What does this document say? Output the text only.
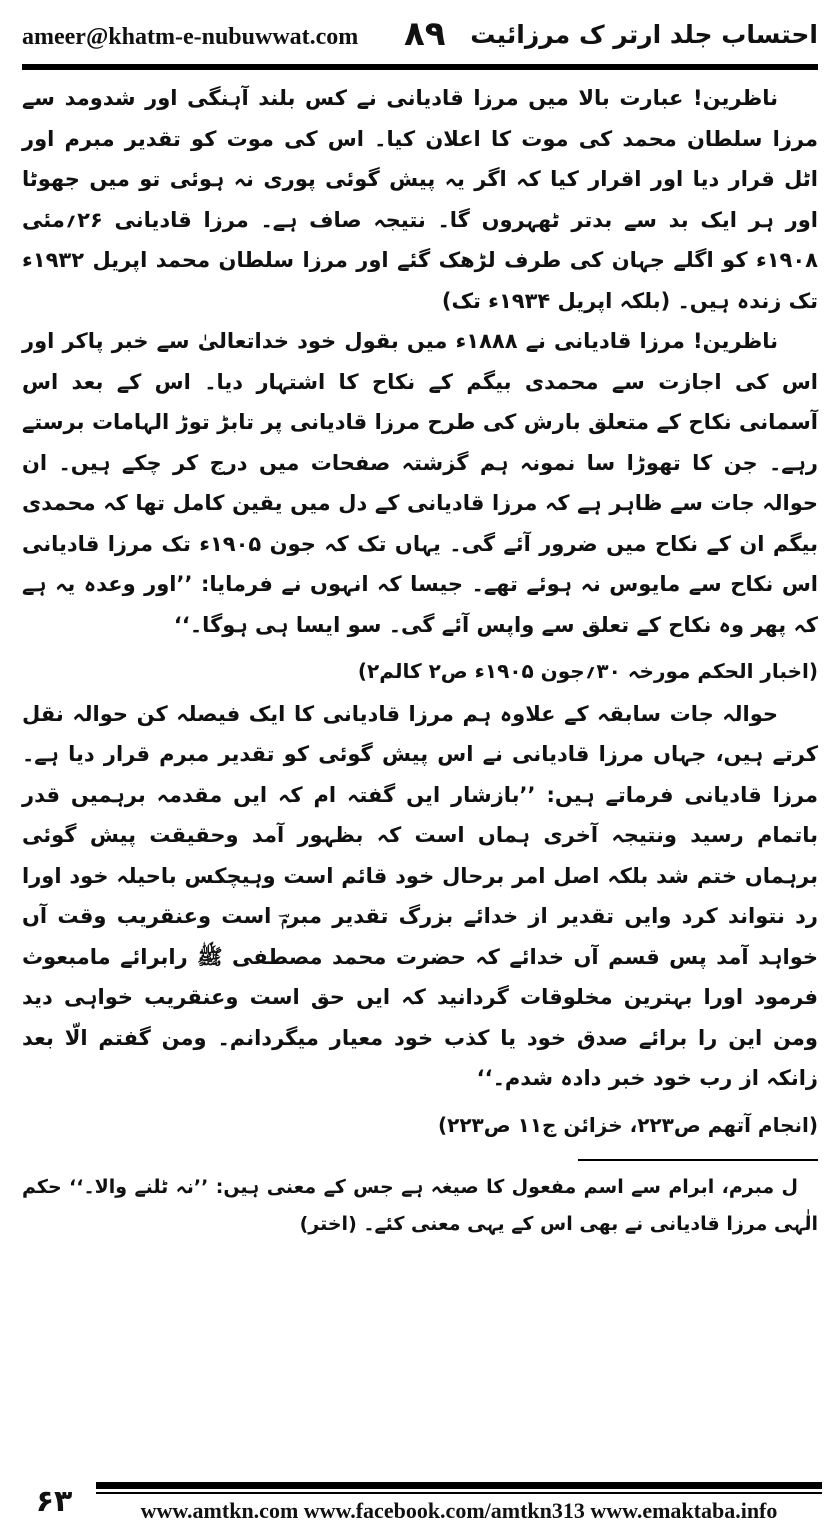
ameer@khatm-e-nubuwwat.com ۸۹ احتساب جلد ارتر ک مرزائیت

ناظرین! عبارت بالا میں مرزا قادیانی نے کس بلند آہنگی اور شدومد سے مرزا سلطان محمد کی موت کا اعلان کیا۔ اس کی موت کو تقدیر مبرم اور اٹل قرار دیا اور اقرار کیا کہ اگر یہ پیش گوئی پوری نہ ہوئی تو میں جھوٹا اور ہر ایک بد سے بدتر ٹھہروں گا۔ نتیجہ صاف ہے۔ مرزا قادیانی ۲۶؍مئی ۱۹۰۸ء کو اگلے جہان کی طرف لڑھک گئے اور مرزا سلطان محمد اپریل ۱۹۳۲ء تک زندہ ہیں۔ (بلکہ اپریل ۱۹۳۴ء تک)

ناظرین! مرزا قادیانی نے ۱۸۸۸ء میں بقول خود خداتعالیٰ سے خبر پاکر اور اس کی اجازت سے محمدی بیگم کے نکاح کا اشتہار دیا۔ اس کے بعد اس آسمانی نکاح کے متعلق بارش کی طرح مرزا قادیانی پر تابڑ توڑ الہامات برستے رہے۔ جن کا تھوڑا سا نمونہ ہم گزشتہ صفحات میں درج کر چکے ہیں۔ ان حوالہ جات سے ظاہر ہے کہ مرزا قادیانی کے دل میں یقین کامل تھا کہ محمدی بیگم ان کے نکاح میں ضرور آئے گی۔ یہاں تک کہ جون ۱۹۰۵ء تک مرزا قادیانی اس نکاح سے مایوس نہ ہوئے تھے۔ جیسا کہ انہوں نے فرمایا: ’’اور وعدہ یہ ہے کہ پھر وہ نکاح کے تعلق سے واپس آئے گی۔ سو ایسا ہی ہوگا۔‘‘

(اخبار الحکم مورخہ ۳۰؍جون ۱۹۰۵ء ص۲ کالم۲)

حوالہ جات سابقہ کے علاوہ ہم مرزا قادیانی کا ایک فیصلہ کن حوالہ نقل کرتے ہیں، جہاں مرزا قادیانی نے اس پیش گوئی کو تقدیر مبرم قرار دیا ہے۔ مرزا قادیانی فرماتے ہیں: ’’بازشار ایں گفتہ ام کہ ایں مقدمہ برہمیں قدر باتمام رسید ونتیجہ آخری ہماں است کہ بظہور آمد وحقیقت پیش گوئی برہماں ختم شد بلکہ اصل امر برحال خود قائم است وہیچکس باحیلہ خود اورا رد نتواند کرد وایں تقدیر از خدائے بزرگ تقدیر مبرمؔ است وعنقریب وقت آں خواہد آمد پس قسم آں خدائے کہ حضرت محمد مصطفی ﷺ رابرائے مامبعوث فرمود اورا بہترین مخلوقات گردانید کہ ایں حق است وعنقریب خواہی دید ومن این را برائے صدق خود یا کذب خود معیار میگردانم۔ ومن گفتم الّا بعد زانکہ از رب خود خبر دادہ شدم۔‘‘

(انجام آتھم ص۲۲۳، خزائن ج۱۱ ص۲۲۳)

ل مبرم، ابرام سے اسم مفعول کا صیغہ ہے جس کے معنی ہیں: ’’نہ ٹلنے والا۔‘‘ حکم الٰہی مرزا قادیانی نے بھی اس کے یہی معنی کئے۔ (اختر)

۶۳	www.amtkn.com www.facebook.com/amtkn313 www.emaktaba.info
